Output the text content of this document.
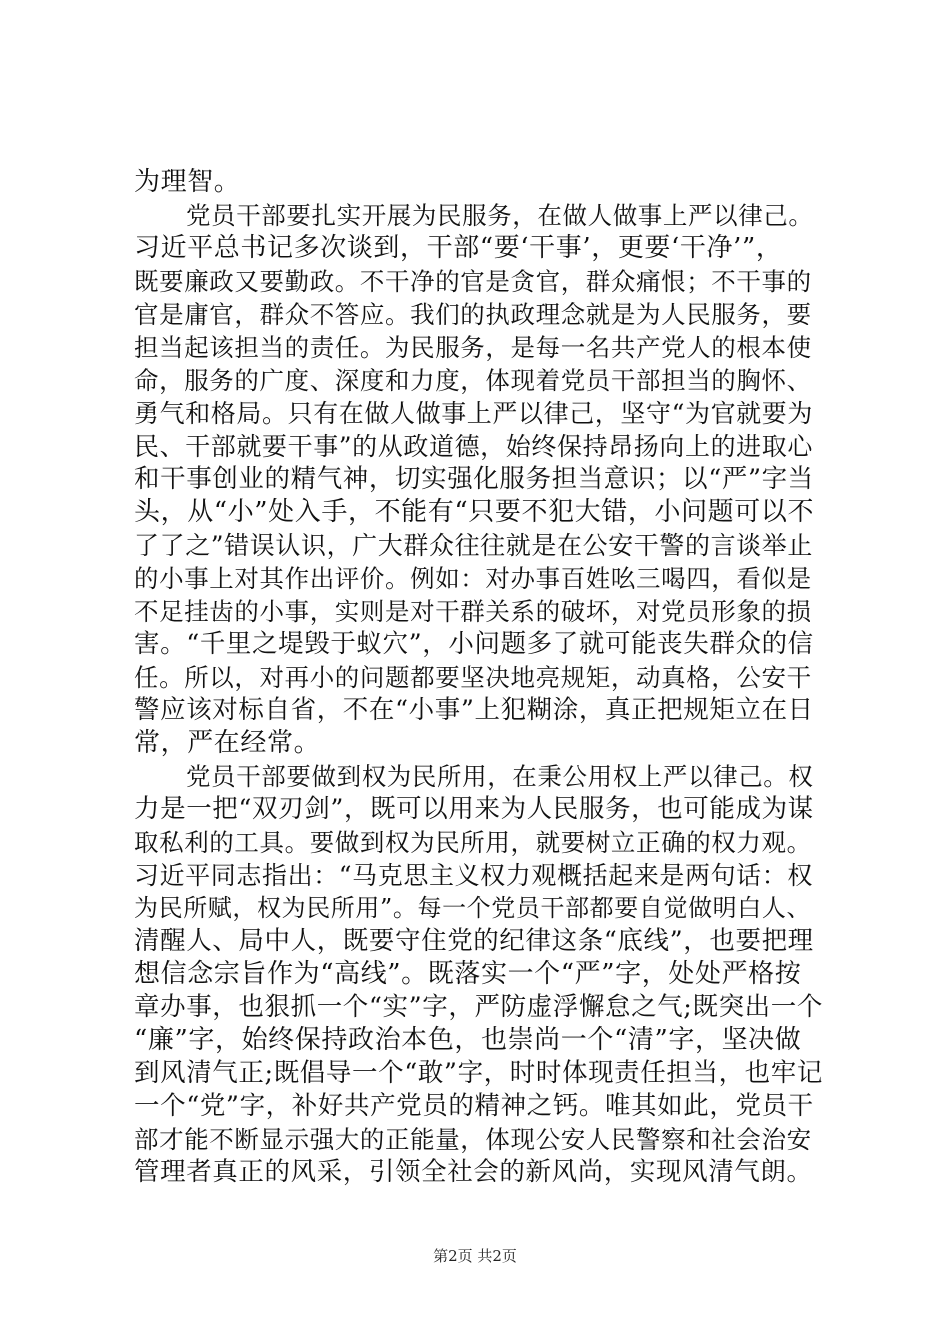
为理智。
党员干部要扎实开展为民服务，在做人做事上严以律己。
习近平总书记多次谈到，干部“要‘干事’，更要‘干净’”，
既要廉政又要勤政。不干净的官是贪官，群众痛恨；不干事的
官是庸官，群众不答应。我们的执政理念就是为人民服务，要
担当起该担当的责任。为民服务，是每一名共产党人的根本使
命，服务的广度、深度和力度，体现着党员干部担当的胸怀、
勇气和格局。只有在做人做事上严以律己，坚守“为官就要为
民、干部就要干事”的从政道德，始终保持昂扬向上的进取心
和干事创业的精气神，切实强化服务担当意识；以“严”字当
头，从“小”处入手，不能有“只要不犯大错，小问题可以不
了了之”错误认识，广大群众往往就是在公安干警的言谈举止
的小事上对其作出评价。例如：对办事百姓吆三喝四，看似是
不足挂齿的小事，实则是对干群关系的破坏，对党员形象的损
害。“千里之堤毁于蚁穴”，小问题多了就可能丧失群众的信
任。所以，对再小的问题都要坚决地亮规矩，动真格，公安干
警应该对标自省，不在“小事”上犯糊涂，真正把规矩立在日
常，严在经常。
党员干部要做到权为民所用，在秉公用权上严以律己。权
力是一把“双刃剑”，既可以用来为人民服务，也可能成为谋
取私利的工具。要做到权为民所用，就要树立正确的权力观。
习近平同志指出：“马克思主义权力观概括起来是两句话：权
为民所赋，权为民所用”。每一个党员干部都要自觉做明白人、
清醒人、局中人，既要守住党的纪律这条“底线”，也要把理
想信念宗旨作为“高线”。既落实一个“严”字，处处严格按
章办事，也狠抓一个“实”字，严防虚浮懈怠之气;既突出一个
“廉”字，始终保持政治本色，也崇尚一个“清”字，坚决做
到风清气正;既倡导一个“敢”字，时时体现责任担当，也牢记
一个“党”字，补好共产党员的精神之钙。唯其如此，党员干
部才能不断显示强大的正能量，体现公安人民警察和社会治安
管理者真正的风采，引领全社会的新风尚，实现风清气朗。
第2页 共2页
